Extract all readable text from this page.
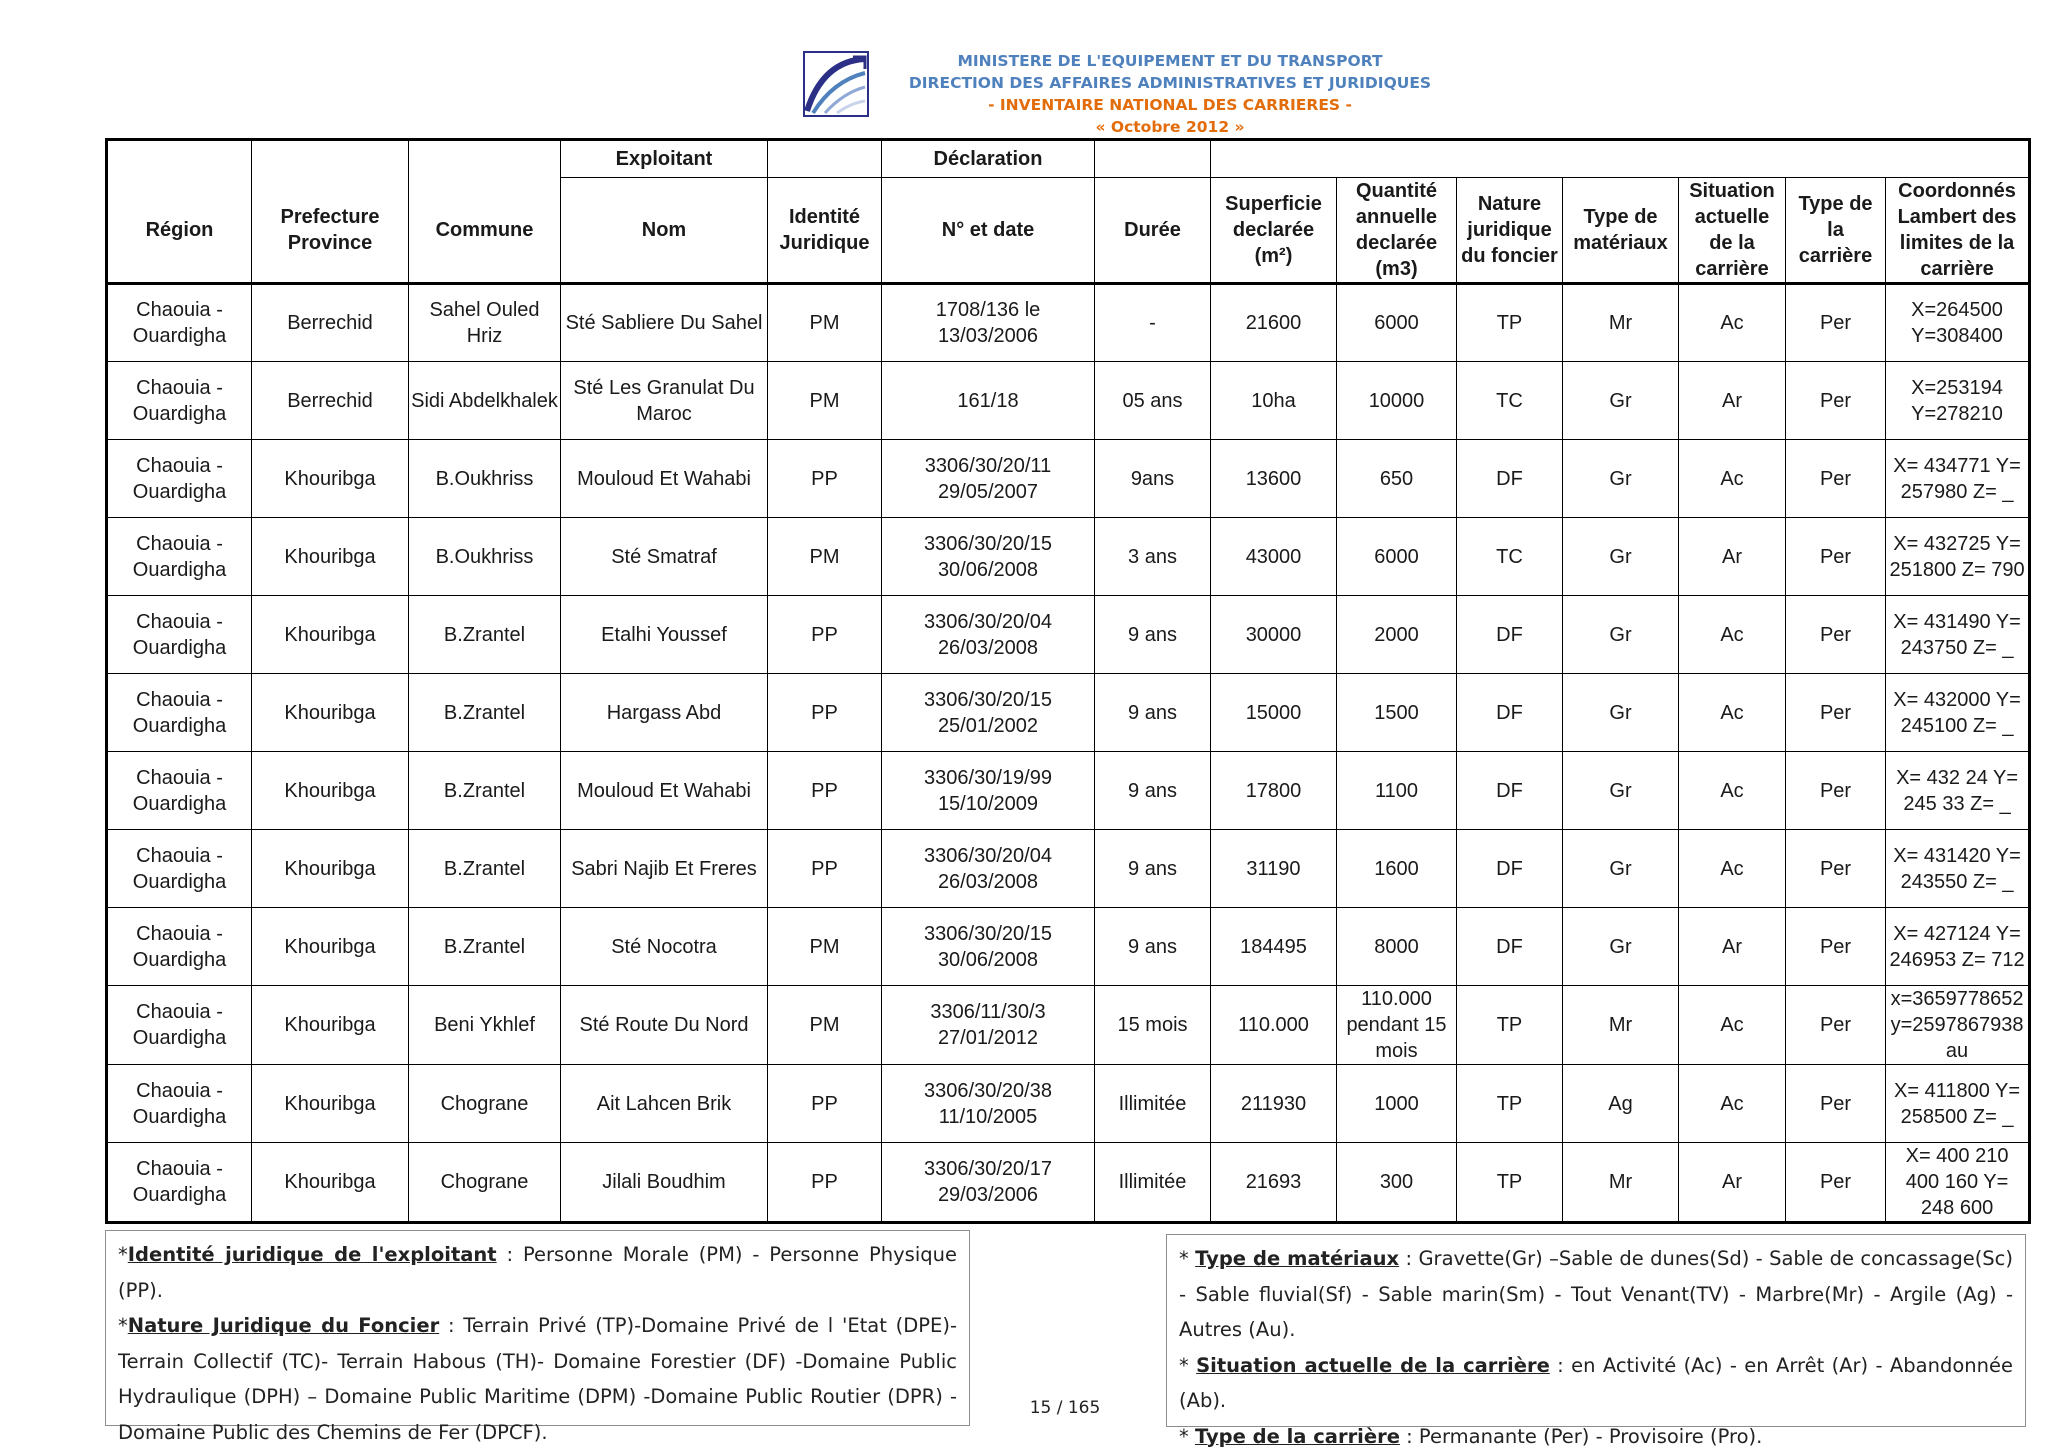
MINISTERE DE L'EQUIPEMENT ET DU TRANSPORT
DIRECTION DES AFFAIRES ADMINISTRATIVES ET JURIDIQUES
- INVENTAIRE NATIONAL DES CARRIERES -
« Octobre 2012 »
			Exploitant		Déclaration								
Région	Prefecture Province	Commune	Nom	Identité Juridique	N° et date	Durée	Superficie declarée (m²)	Quantité annuelle declarée (m3)	Nature juridique du foncier	Type de matériaux	Situation actuelle de la carrière	Type de la carrière	Coordonnés Lambert des limites de la carrière
Chaouia - Ouardigha	Berrechid	Sahel Ouled Hriz	Sté Sabliere Du Sahel	PM	1708/136 le 13/03/2006	-	21600	6000	TP	Mr	Ac	Per	X=264500 Y=308400
Chaouia - Ouardigha	Berrechid	Sidi Abdelkhalek	Sté Les Granulat Du Maroc	PM	161/18	05 ans	10ha	10000	TC	Gr	Ar	Per	X=253194 Y=278210
Chaouia - Ouardigha	Khouribga	B.Oukhriss	Mouloud Et Wahabi	PP	3306/30/20/11 29/05/2007	9ans	13600	650	DF	Gr	Ac	Per	X= 434771 Y= 257980 Z= _
Chaouia - Ouardigha	Khouribga	B.Oukhriss	Sté Smatraf	PM	3306/30/20/15 30/06/2008	3 ans	43000	6000	TC	Gr	Ar	Per	X= 432725 Y= 251800 Z= 790
Chaouia - Ouardigha	Khouribga	B.Zrantel	Etalhi Youssef	PP	3306/30/20/04 26/03/2008	9 ans	30000	2000	DF	Gr	Ac	Per	X= 431490 Y= 243750 Z= _
Chaouia - Ouardigha	Khouribga	B.Zrantel	Hargass Abd	PP	3306/30/20/15 25/01/2002	9 ans	15000	1500	DF	Gr	Ac	Per	X= 432000 Y= 245100 Z= _
Chaouia - Ouardigha	Khouribga	B.Zrantel	Mouloud Et Wahabi	PP	3306/30/19/99 15/10/2009	9 ans	17800	1100	DF	Gr	Ac	Per	X= 432 24 Y= 245 33 Z= _
Chaouia - Ouardigha	Khouribga	B.Zrantel	Sabri Najib Et Freres	PP	3306/30/20/04 26/03/2008	9 ans	31190	1600	DF	Gr	Ac	Per	X= 431420 Y= 243550 Z= _
Chaouia - Ouardigha	Khouribga	B.Zrantel	Sté Nocotra	PM	3306/30/20/15 30/06/2008	9 ans	184495	8000	DF	Gr	Ar	Per	X= 427124 Y= 246953 Z= 712
Chaouia - Ouardigha	Khouribga	Beni Ykhlef	Sté Route Du Nord	PM	3306/11/30/3 27/01/2012	15 mois	110.000	110.000 pendant 15 mois	TP	Mr	Ac	Per	x=3659778652 y=2597867938 au
Chaouia - Ouardigha	Khouribga	Chograne	Ait Lahcen Brik	PP	3306/30/20/38 11/10/2005	Illimitée	211930	1000	TP	Ag	Ac	Per	X= 411800 Y= 258500 Z= _
Chaouia - Ouardigha	Khouribga	Chograne	Jilali Boudhim	PP	3306/30/20/17 29/03/2006	Illimitée	21693	300	TP	Mr	Ar	Per	X= 400 210 400 160 Y= 248 600

*Identité juridique de l'exploitant : Personne Morale (PM) - Personne Physique (PP).

*Nature Juridique du Foncier : Terrain Privé (TP)-Domaine Privé de l 'Etat (DPE)- Terrain Collectif (TC)- Terrain Habous (TH)- Domaine Forestier (DF) -Domaine Public Hydraulique (DPH) – Domaine Public Maritime (DPM) -Domaine Public Routier (DPR) -Domaine Public des Chemins de Fer (DPCF).

* Type de matériaux : Gravette(Gr) –Sable de dunes(Sd) - Sable de concassage(Sc) - Sable fluvial(Sf) - Sable marin(Sm) - Tout Venant(TV) - Marbre(Mr) - Argile (Ag) - Autres (Au).

* Situation actuelle de la carrière : en Activité (Ac) - en Arrêt (Ar) - Abandonnée (Ab).

* Type de la carrière : Permanante (Per) - Provisoire (Pro).

15 / 165
